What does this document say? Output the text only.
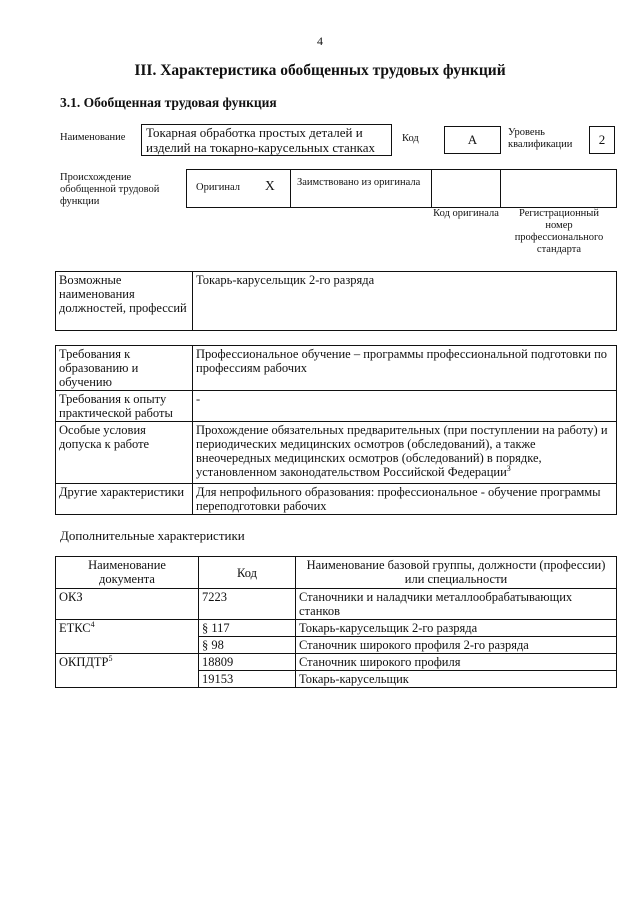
4
III. Характеристика обобщенных трудовых функций
3.1. Обобщенная трудовая функция
Наименование	Токарная обработка простых деталей и изделий на токарно-карусельных станках
Код	А	Уровень квалификации	2
Происхождение обобщенной трудовой функции
Оригинал X	Заимствовано из оригинала
Код оригинала	Регистрационный номер профессионального стандарта
Возможные наименования должностей, профессий	Токарь-карусельщик 2-го разряда
Требования к образованию и обучению	Профессиональное обучение – программы профессиональной подготовки по профессиям рабочих
Требования к опыту практической работы	-
Особые условия допуска к работе	Прохождение обязательных предварительных (при поступлении на работу) и периодических медицинских осмотров (обследований), а также внеочередных медицинских осмотров (обследований) в порядке, установленном законодательством Российской Федерации$^3$
Другие характеристики	Для непрофильного образования: профессиональное - обучение программы переподготовки рабочих
Дополнительные характеристики
Наименование документа	Код	Наименование базовой группы, должности (профессии) или специальности
ОКЗ	7223	Станочники и наладчики металлообрабатывающих станков
ЕТКС$^4$	§ 117	Токарь-карусельщик 2-го разряда
	§ 98	Станочник широкого профиля 2-го разряда
ОКПДТР$^5$	18809	Станочник широкого профиля
	19153	Токарь-карусельщик
